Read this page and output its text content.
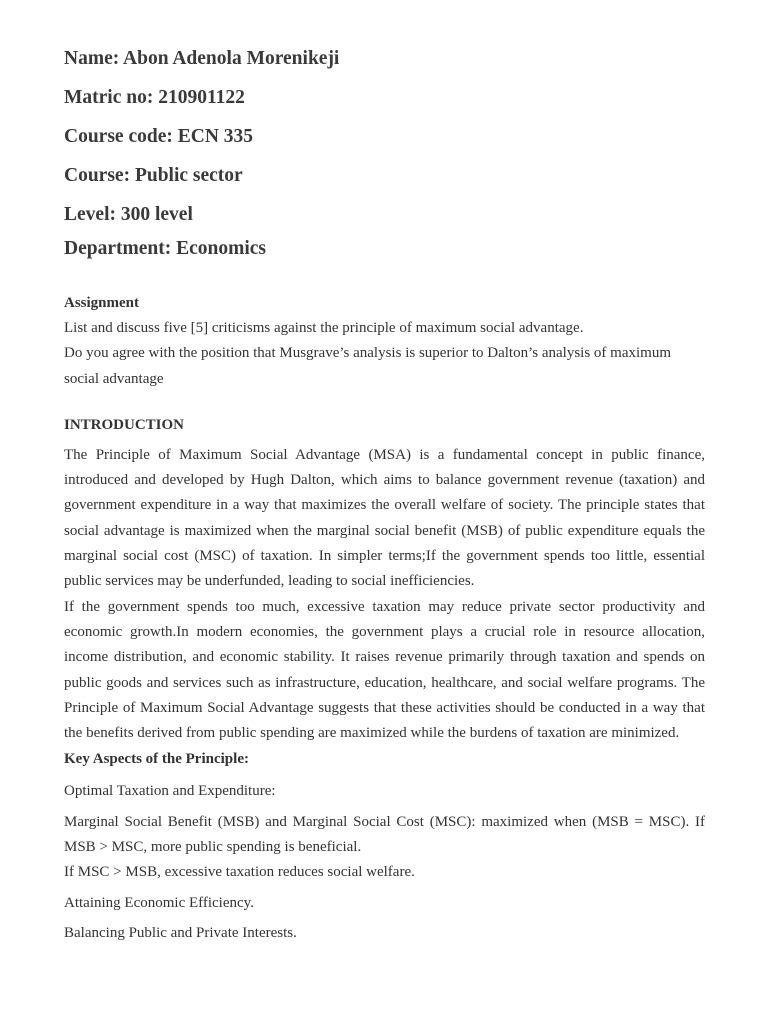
Name: Abon Adenola Morenikeji

Matric no: 210901122

Course code: ECN 335

Course: Public sector

Level: 300 level

Department: Economics

Assignment

List and discuss five [5] criticisms against the principle of maximum social advantage.

Do you agree with the position that Musgrave’s analysis is superior to Dalton’s analysis of maximum social advantage

INTRODUCTION

The Principle of Maximum Social Advantage (MSA) is a fundamental concept in public finance, introduced and developed by Hugh Dalton, which aims to balance government revenue (taxation) and government expenditure in a way that maximizes the overall welfare of society. The principle states that social advantage is maximized when the marginal social benefit (MSB) of public expenditure equals the marginal social cost (MSC) of taxation. In simpler terms;If the government spends too little, essential public services may be underfunded, leading to social inefficiencies.

If the government spends too much, excessive taxation may reduce private sector productivity and economic growth.In modern economies, the government plays a crucial role in resource allocation, income distribution, and economic stability. It raises revenue primarily through taxation and spends on public goods and services such as infrastructure, education, healthcare, and social welfare programs. The Principle of Maximum Social Advantage suggests that these activities should be conducted in a way that the benefits derived from public spending are maximized while the burdens of taxation are minimized.

Key Aspects of the Principle:

Optimal Taxation and Expenditure:

Marginal Social Benefit (MSB) and Marginal Social Cost (MSC): maximized when (MSB = MSC). If MSB > MSC, more public spending is beneficial.

If MSC > MSB, excessive taxation reduces social welfare.

Attaining Economic Efficiency.

Balancing Public and Private Interests.
